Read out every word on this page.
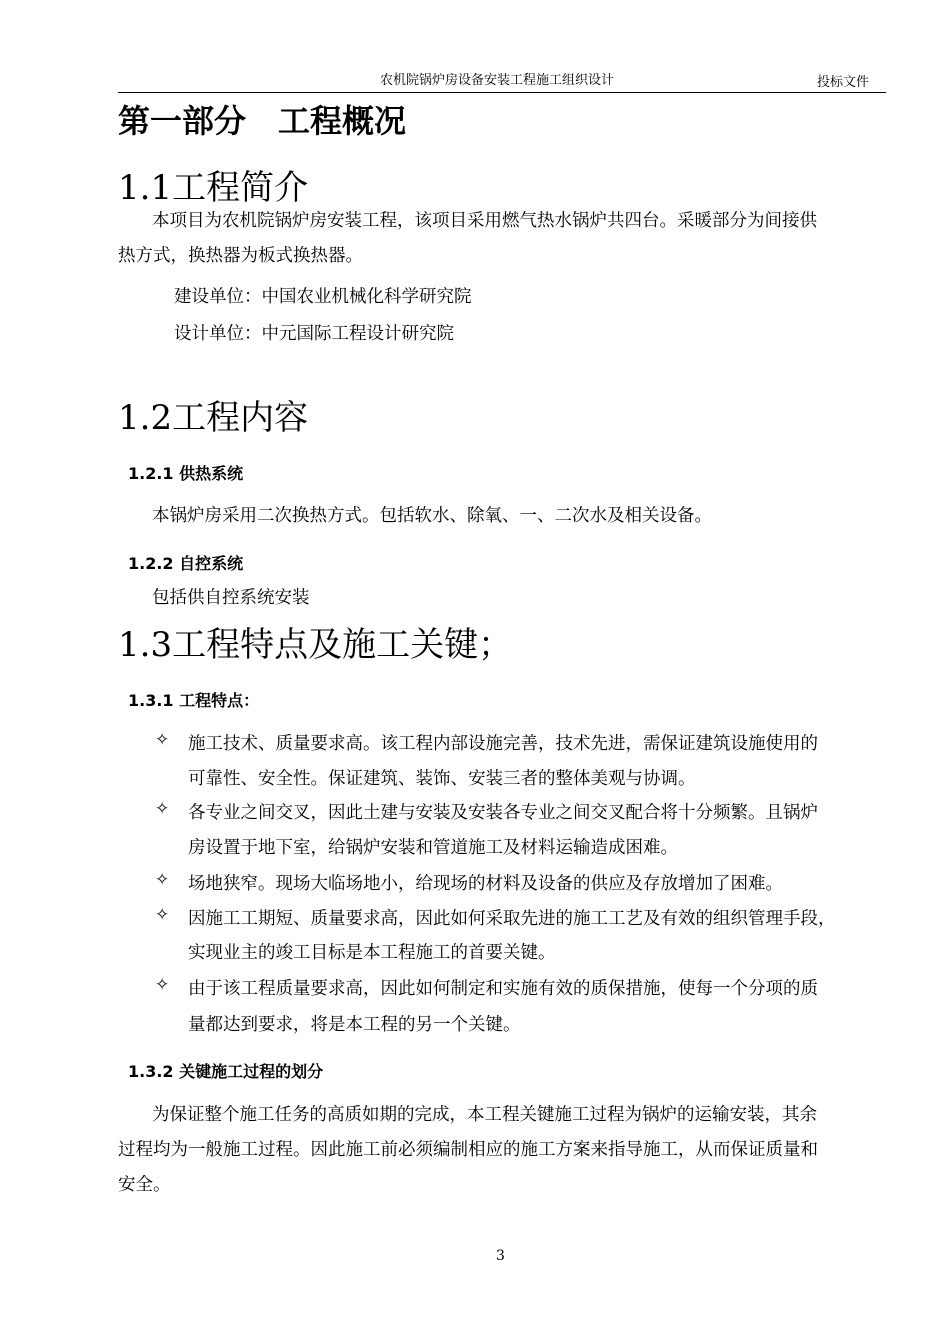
农机院锅炉房设备安装工程施工组织设计	投标文件
第一部分　工程概况
1.1工程简介
本项目为农机院锅炉房安装工程，该项目采用燃气热水锅炉共四台。采暖部分为间接供
热方式，换热器为板式换热器。
建设单位：中国农业机械化科学研究院
设计单位：中元国际工程设计研究院
1.2工程内容
1.2.1 供热系统
本锅炉房采用二次换热方式。包括软水、除氧、一、二次水及相关设备。
1.2.2 自控系统
包括供自控系统安装
1.3工程特点及施工关键；
1.3.1 工程特点：
✧ 施工技术、质量要求高。该工程内部设施完善，技术先进，需保证建筑设施使用的
可靠性、安全性。保证建筑、装饰、安装三者的整体美观与协调。
✧ 各专业之间交叉，因此土建与安装及安装各专业之间交叉配合将十分频繁。且锅炉
房设置于地下室，给锅炉安装和管道施工及材料运输造成困难。
✧ 场地狭窄。现场大临场地小，给现场的材料及设备的供应及存放增加了困难。
✧ 因施工工期短、质量要求高，因此如何采取先进的施工工艺及有效的组织管理手段，
实现业主的竣工目标是本工程施工的首要关键。
✧ 由于该工程质量要求高，因此如何制定和实施有效的质保措施，使每一个分项的质
量都达到要求，将是本工程的另一个关键。
1.3.2 关键施工过程的划分
为保证整个施工任务的高质如期的完成，本工程关键施工过程为锅炉的运输安装，其余
过程均为一般施工过程。因此施工前必须编制相应的施工方案来指导施工，从而保证质量和
安全。
3
